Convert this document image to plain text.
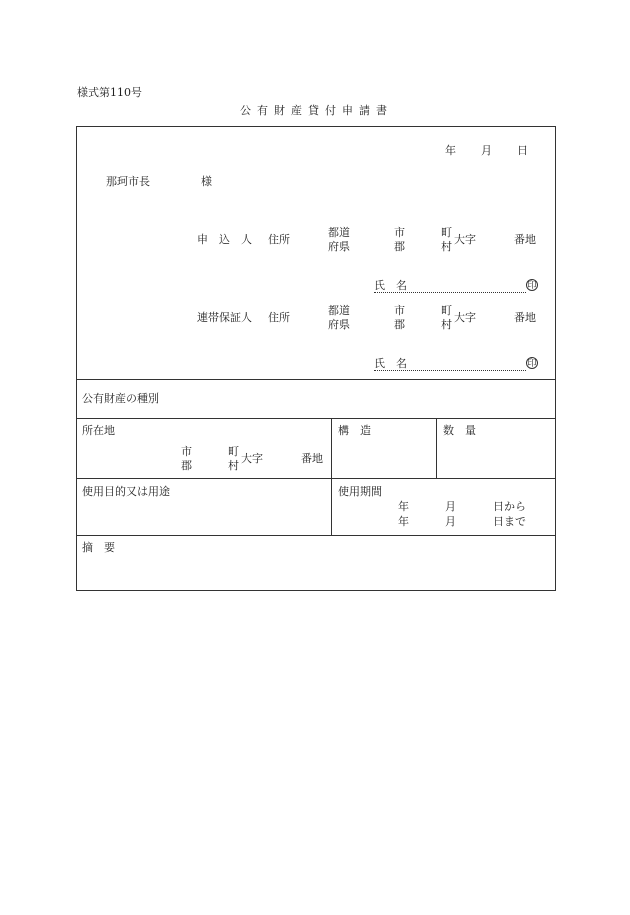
様式第110号
公有財産貸付申請書
年 月 日
那珂市長	様
申　込　人 住所
都道
府県
市
郡
町
村
大字	番地
氏　名	印
連帯保証人 住所
都道
府県
市
郡
町
村
大字	番地
氏　名	印
公有財産の種別
所在地
市
郡
町
村
大字	番地
構　造	数　量
使用目的又は用途	使用期間
年	月	日から
年	月	日まで
摘　要
